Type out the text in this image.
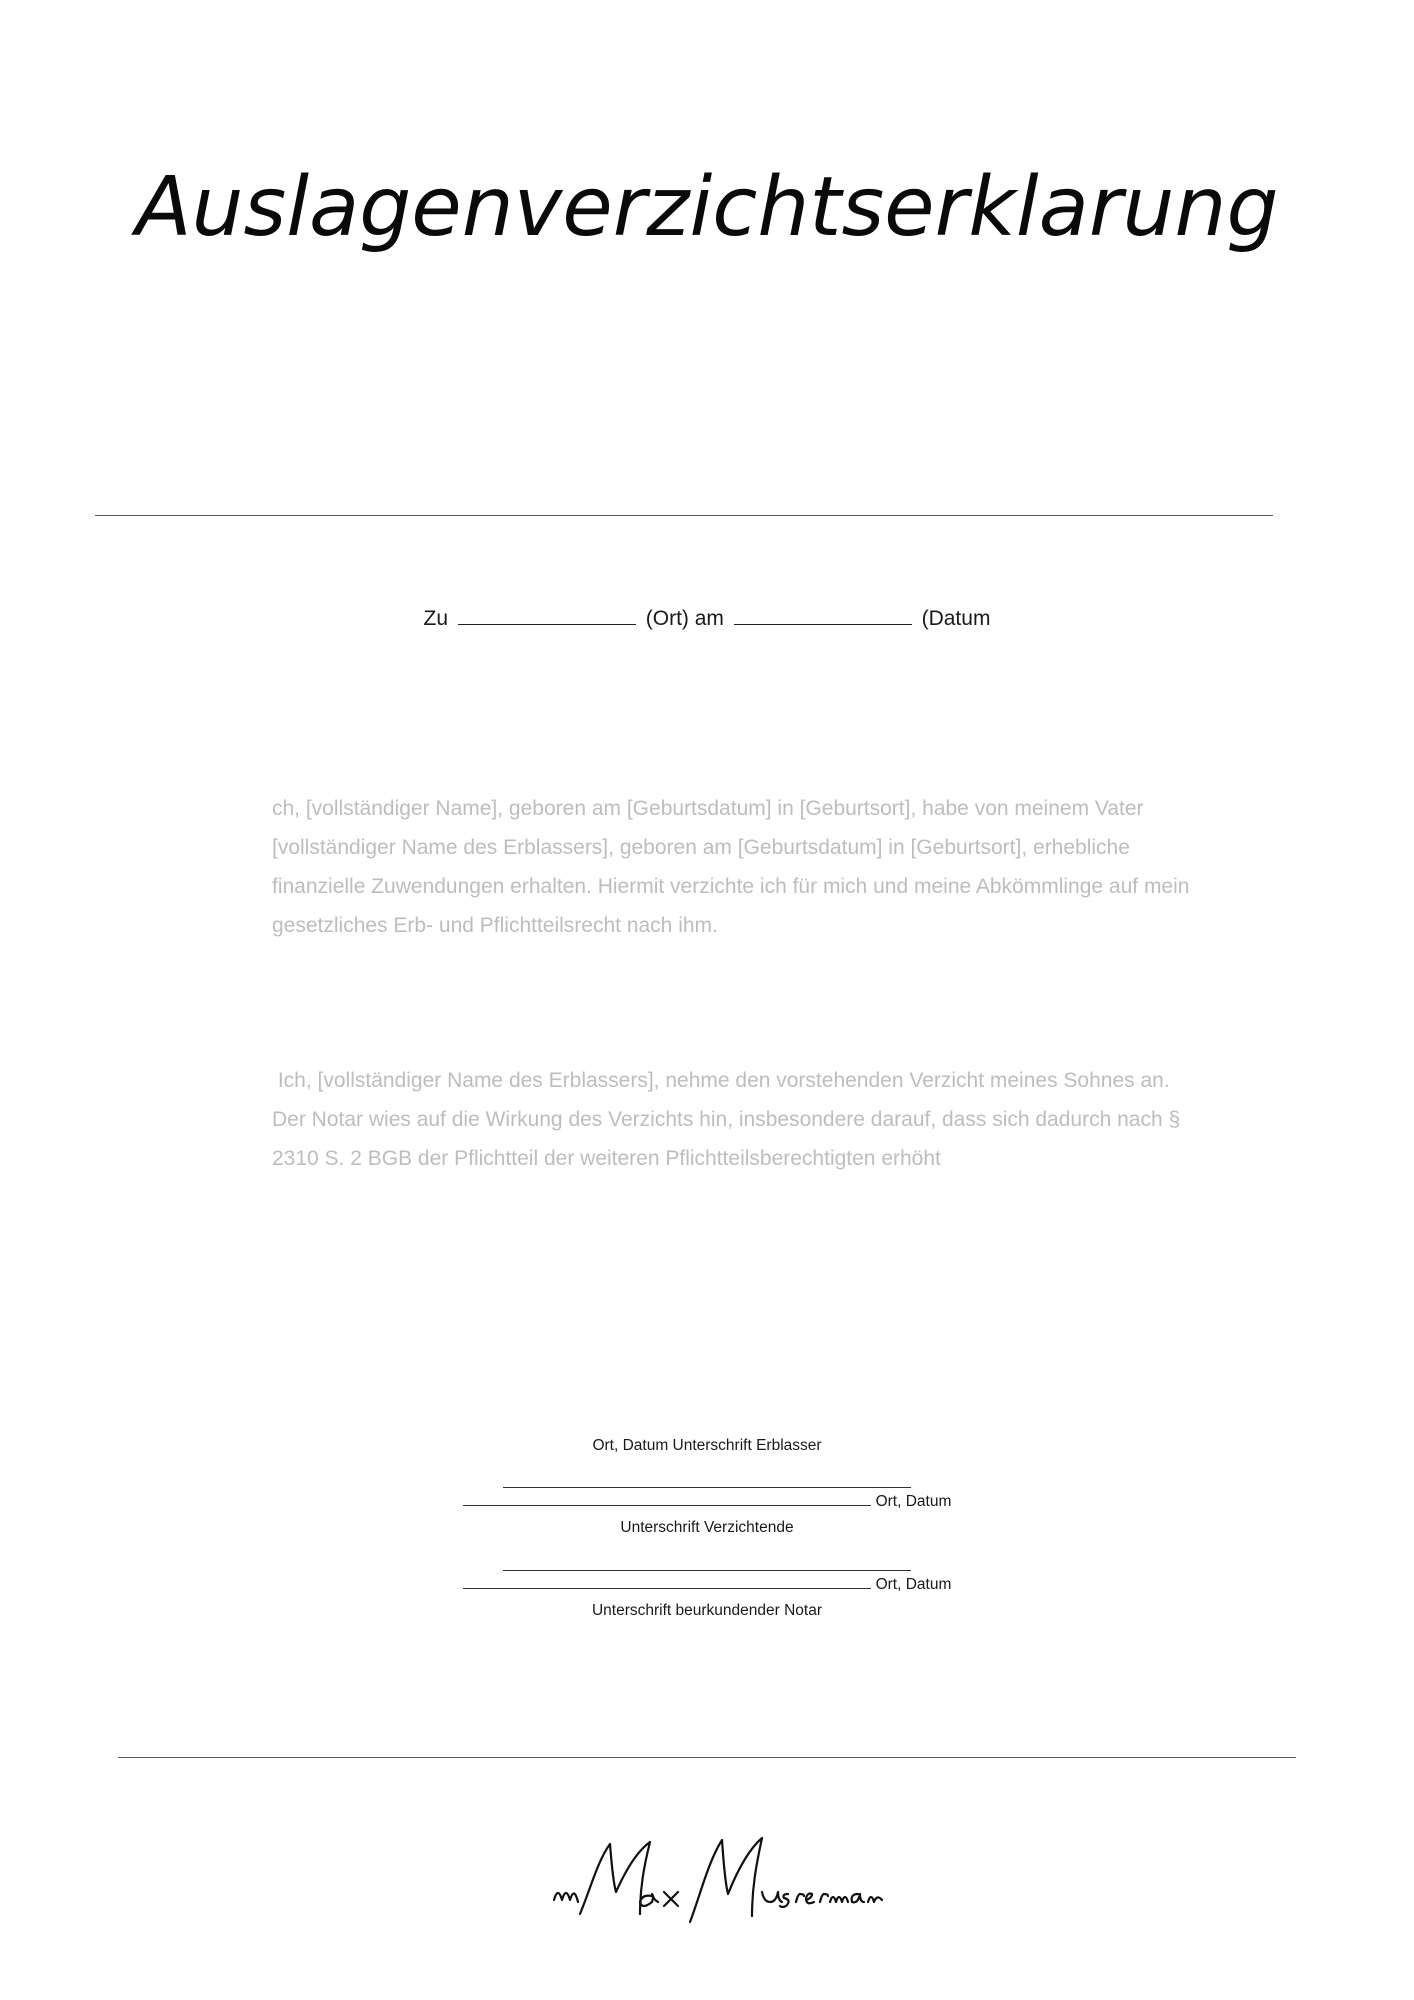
Auslagenverzichtserklarung
Zu	(Ort) am	(Datum
ch, [vollständiger Name], geboren am [Geburtsdatum] in [Geburtsort], habe von meinem Vater [vollständiger Name des Erblassers], geboren am [Geburtsdatum] in [Geburtsort], erhebliche finanzielle Zuwendungen erhalten. Hiermit verzichte ich für mich und meine Abkömmlinge auf mein gesetzliches Erb- und Pflichtteilsrecht nach ihm.
Ich, [vollständiger Name des Erblassers], nehme den vorstehenden Verzicht meines Sohnes an. Der Notar wies auf die Wirkung des Verzichts hin, insbesondere darauf, dass sich dadurch nach § 2310 S. 2 BGB der Pflichtteil der weiteren Pflichtteilsberechtigten erhöht
Ort, Datum Unterschrift Erblasser
Ort, Datum
Unterschrift Verzichtende
Ort, Datum
Unterschrift beurkundender Notar
